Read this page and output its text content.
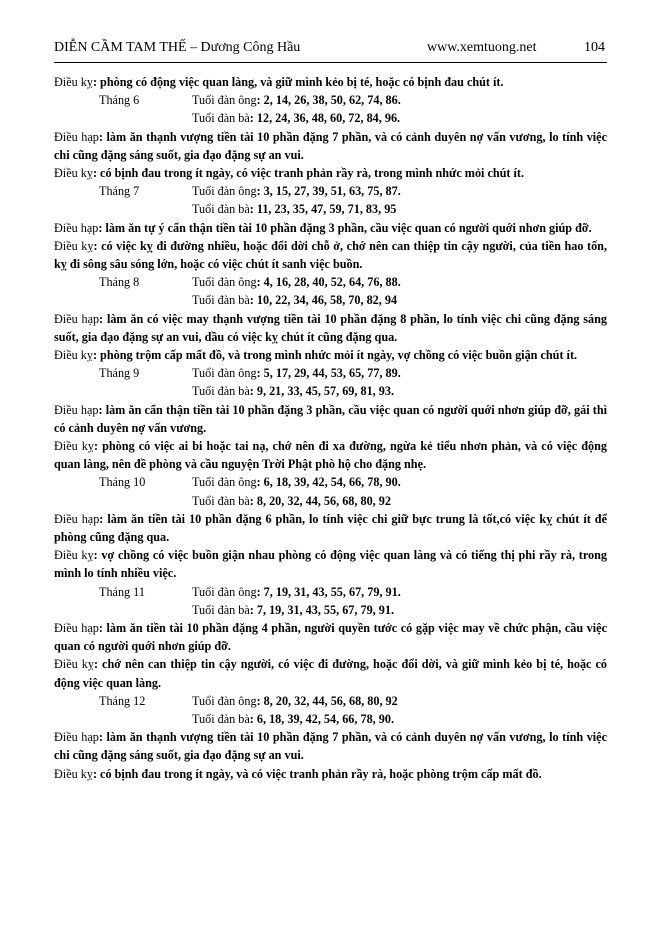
DIỄN CẦM TAM THẾ – Dương Công Hầu	www.xemtuong.net	104

Điều kỵ: phòng có động việc quan làng, và giữ mình kẻo bị té, hoặc có bịnh đau chút ít.

Tháng 6	Tuổi đàn ông: 2, 14, 26, 38, 50, 62, 74, 86.
Tuổi đàn bà: 12, 24, 36, 48, 60, 72, 84, 96.

Điều hạp: làm ăn thạnh vượng tiền tài 10 phần đặng 7 phần, và có cảnh duyên nợ vấn vương, lo tính việc chi cũng đặng sáng suốt, gia đạo đặng sự an vui.

Điều kỵ: có bịnh đau trong ít ngày, có việc tranh phản rầy rà, trong mình nhức mỏi chút ít.

Tháng 7	Tuổi đàn ông: 3, 15, 27, 39, 51, 63, 75, 87.
Tuổi đàn bà: 11, 23, 35, 47, 59, 71, 83, 95

Điều hạp: làm ăn tự ý cẩn thận tiền tài 10 phần đặng 3 phần, cầu việc quan có người quới nhơn giúp đỡ.

Điều kỵ: có việc kỵ đi đường nhiều, hoặc đổi dời chỗ ở, chớ nên can thiệp tin cậy người, của tiền hao tốn, kỵ đi sông sâu sóng lớn, hoặc có việc chút ít sanh việc buồn.

Tháng 8	Tuổi đàn ông: 4, 16, 28, 40, 52, 64, 76, 88.
Tuổi đàn bà: 10, 22, 34, 46, 58, 70, 82, 94

Điều hạp: làm ăn có việc may thạnh vượng tiền tài 10 phần đặng 8 phần, lo tính việc chi cũng đặng sáng suốt, gia đạo đặng sự an vui, dầu có việc kỵ chút ít cũng đặng qua.

Điều kỵ: phòng trộm cấp mất đồ, và trong mình nhức mỏi ít ngày, vợ chồng có việc buồn giận chút ít.

Tháng 9	Tuổi đàn ông: 5, 17, 29, 44, 53, 65, 77, 89.
Tuổi đàn bà: 9, 21, 33, 45, 57, 69, 81, 93.

Điều hạp: làm ăn cẩn thận tiền tài 10 phần đặng 3 phần, cầu việc quan có người quới nhơn giúp đỡ, gái thì có cảnh duyên nợ vấn vương.

Điều kỵ: phòng có việc ai bi hoặc tai nạ, chớ nên đi xa đường, ngừa kẻ tiểu nhơn phản, và có việc động quan làng, nên đề phòng và cầu nguyện Trời Phật phò hộ cho đặng nhẹ.

Tháng 10	Tuổi đàn ông: 6, 18, 39, 42, 54, 66, 78, 90.
Tuổi đàn bà: 8, 20, 32, 44, 56, 68, 80, 92

Điều hạp: làm ăn tiền tài 10 phần đặng 6 phần, lo tính việc chi giữ bực trung là tốt,có việc kỵ chút ít để phòng cũng đặng qua.

Điều kỵ: vợ chồng có việc buồn giận nhau phòng có động việc quan làng và có tiếng thị phi rầy rà, trong mình lo tính nhiều việc.

Tháng 11	Tuổi đàn ông: 7, 19, 31, 43, 55, 67, 79, 91.
Tuổi đàn bà: 7, 19, 31, 43, 55, 67, 79, 91.

Điều hạp: làm ăn tiền tài 10 phần đặng 4 phần, người quyền tước có gặp việc may về chức phận, cầu việc quan có người quới nhơn giúp đỡ.

Điều kỵ: chớ nên can thiệp tin cậy người, có việc đi đường, hoặc đổi dời, và giữ mình kẻo bị té, hoặc có động việc quan làng.

Tháng 12	Tuổi đàn ông: 8, 20, 32, 44, 56, 68, 80, 92
Tuổi đàn bà: 6, 18, 39, 42, 54, 66, 78, 90.

Điều hạp: làm ăn thạnh vượng tiền tài 10 phần đặng 7 phần, và có cảnh duyên nợ vấn vương, lo tính việc chi cũng đặng sáng suốt, gia đạo đặng sự an vui.

Điều kỵ: có bịnh đau trong ít ngày, và có việc tranh phản rầy rà, hoặc phòng trộm cấp mất đồ.
